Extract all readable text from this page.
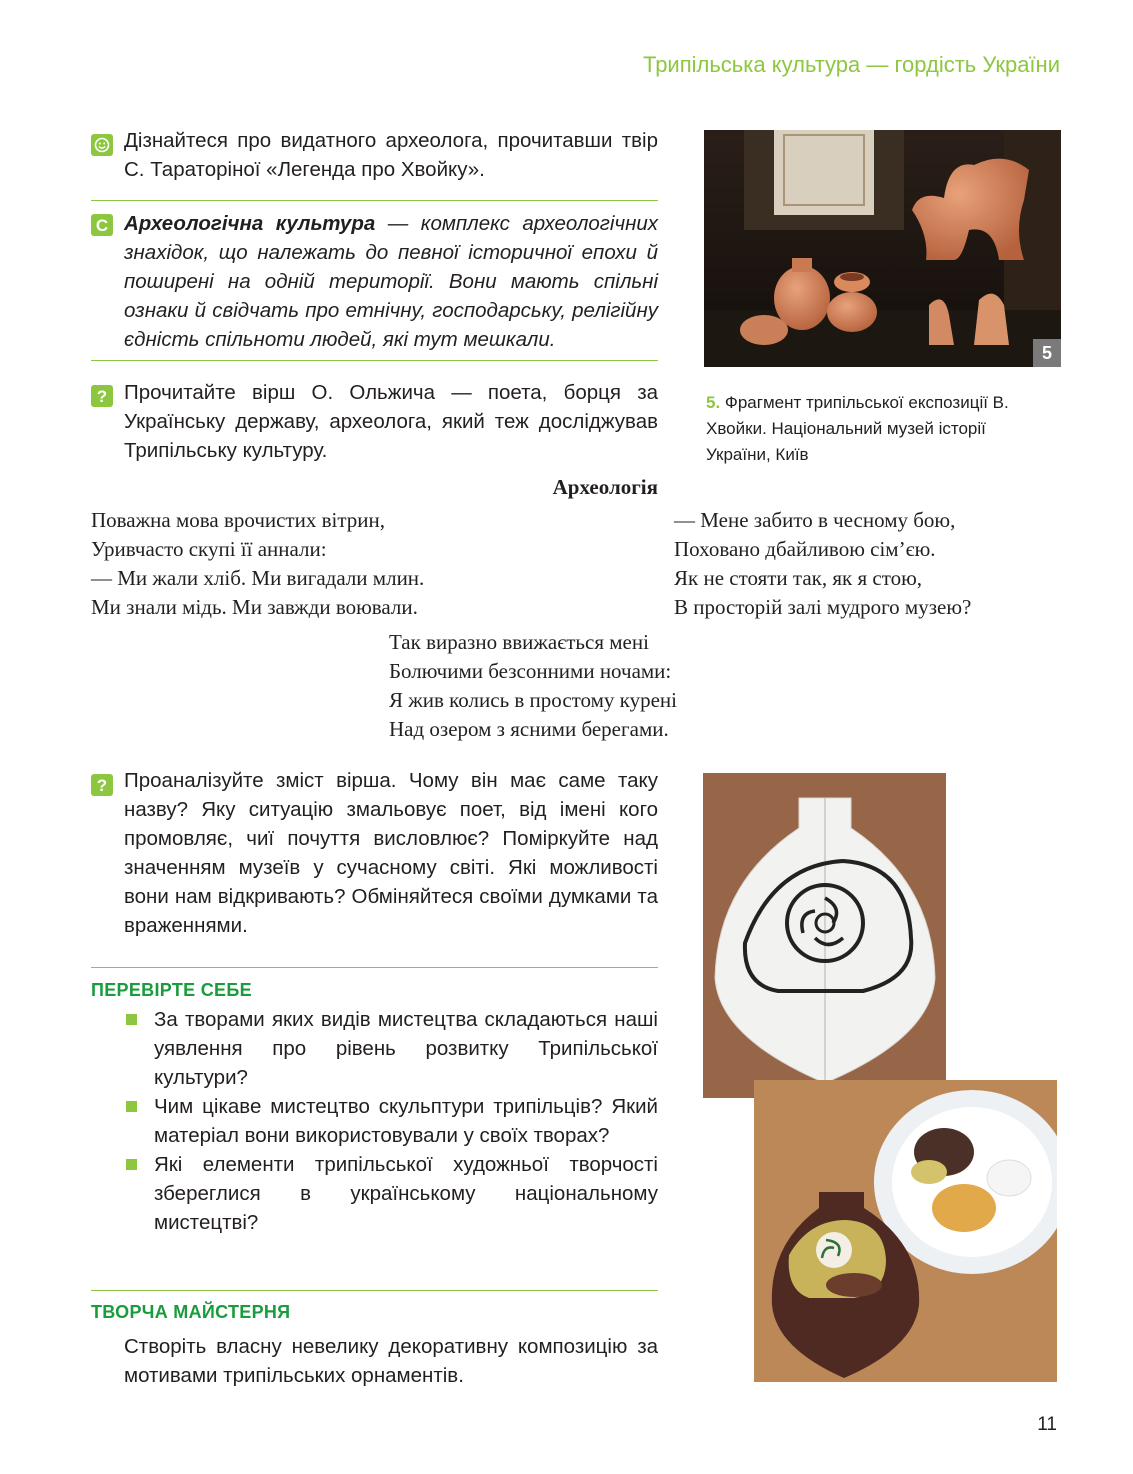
Трипільська культура — гордість України
Дізнайтеся про видатного археолога, прочитавши твір С. Тараторіної «Легенда про Хвойку».
С Археологічна культура — комплекс археологічних знахідок, що належать до певної історичної епохи й поширені на одній території. Вони мають спільні ознаки й свідчать про етнічну, господарську, релігійну єдність спільноти людей, які тут мешкали.
? Прочитайте вірш О. Ольжича — поета, борця за Українську державу, археолога, який теж досліджував Трипільську культуру.
5
5. Фрагмент трипільської експозиції В. Хвойки. Національний музей історії України, Київ
Археологія
Поважна мова врочистих вітрин,
Уривчасто скупі її аннали:
— Ми жали хліб. Ми вигадали млин.
Ми знали мідь. Ми завжди воювали.
— Мене забито в чесному бою,
Поховано дбайливою сім’єю.
Як не стояти так, як я стою,
В просторій залі мудрого музею?
Так виразно ввижається мені
Болючими безсонними ночами:
Я жив колись в простому курені
Над озером з ясними берегами.
? Проаналізуйте зміст вірша. Чому він має саме таку назву? Яку ситуацію змальовує поет, від імені кого промовляє, чиї почуття висловлює? Поміркуйте над значенням музеїв у сучасному світі. Які можливості вони нам відкривають? Обміняйтеся своїми думками та враженнями.
ПЕРЕВІРТЕ СЕБЕ
За творами яких видів мистецтва складаються наші уявлення про рівень розвитку Трипільської культури?
Чим цікаве мистецтво скульптури трипільців? Який матеріал вони використовували у своїх творах?
Які елементи трипільської художньої творчості збереглися в українському національному мистецтві?
ТВОРЧА МАЙСТЕРНЯ
Створіть власну невелику декоративну композицію за мотивами трипільських орнаментів.
11
